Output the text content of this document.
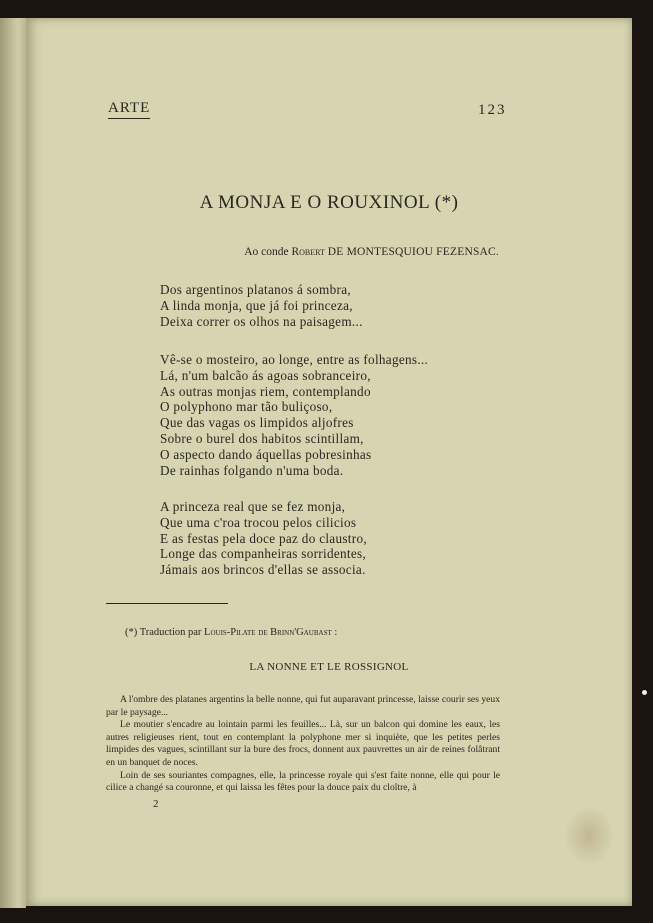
ARTE	123
A MONJA E O ROUXINOL (*)
Ao conde Robert DE MONTESQUIOU FEZENSAC.
Dos argentinos platanos á sombra,
A linda monja, que já foi princeza,
Deixa correr os olhos na paisagem...
Vê-se o mosteiro, ao longe, entre as folhagens...
Lá, n'um balcão ás agoas sobranceiro,
As outras monjas riem, contemplando
O polyphono mar tão buliçoso,
Que das vagas os limpidos aljofres
Sobre o burel dos habitos scintillam,
O aspecto dando áquellas pobresinhas
De rainhas folgando n'uma boda.
A princeza real que se fez monja,
Que uma c'roa trocou pelos cilicios
E as festas pela doce paz do claustro,
Longe das companheiras sorridentes,
Jámais aos brincos d'ellas se associa.
(*) Traduction par Louis-Pilate de Brinn'Gaubast :
LA NONNE ET LE ROSSIGNOL

A l'ombre des platanes argentins la belle nonne, qui fut auparavant princesse, laisse courir ses yeux par le paysage...

Le moutier s'encadre au lointain parmi les feuilles... Là, sur un balcon qui domine les eaux, les autres religieuses rient, tout en contemplant la polyphone mer si inquiète, que les petites perles limpides des vagues, scintillant sur la bure des frocs, donnent aux pauvrettes un air de reines folâtrant en un banquet de noces.

Loin de ses souriantes compagnes, elle, la princesse royale qui s'est faite nonne, elle qui pour le cilice a changé sa couronne, et qui laissa les fêtes pour la douce paix du cloître, à

2
